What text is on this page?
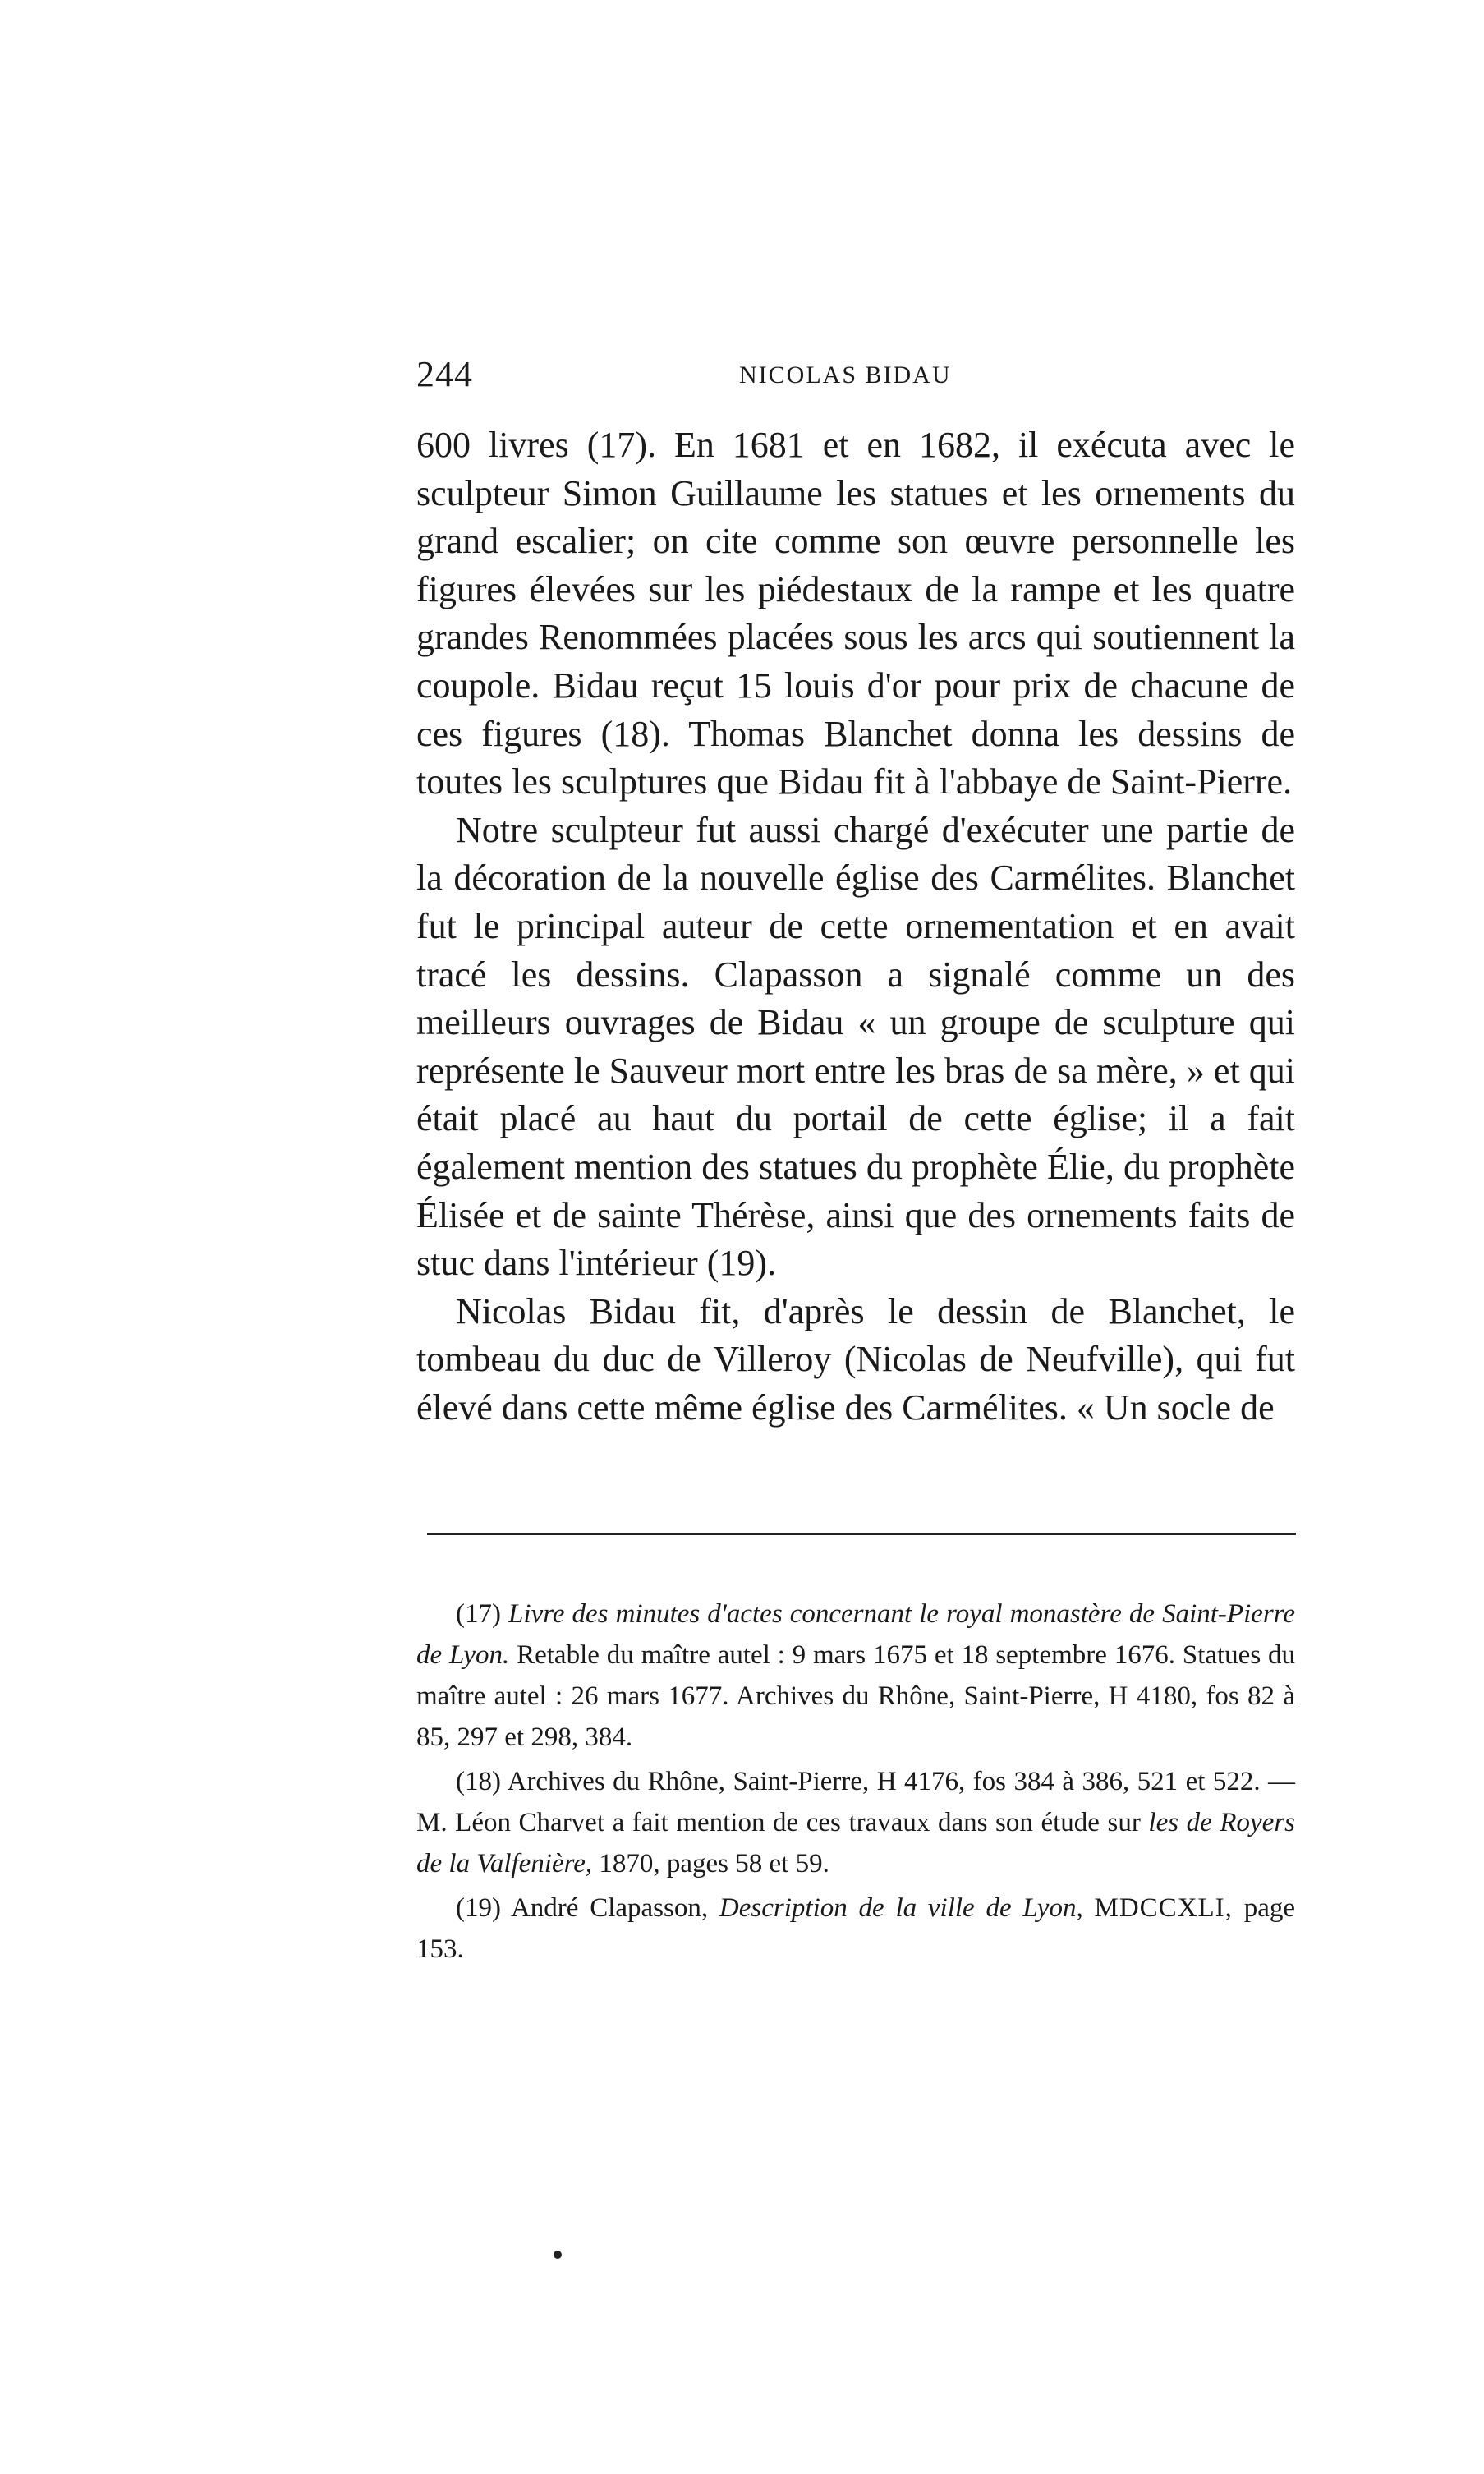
244	NICOLAS BIDAU

600 livres (17). En 1681 et en 1682, il exécuta avec le sculpteur Simon Guillaume les statues et les ornements du grand escalier; on cite comme son œuvre personnelle les figures élevées sur les piédestaux de la rampe et les quatre grandes Renommées placées sous les arcs qui soutiennent la coupole. Bidau reçut 15 louis d'or pour prix de chacune de ces figures (18). Thomas Blanchet donna les dessins de toutes les sculptures que Bidau fit à l'abbaye de Saint-Pierre.

Notre sculpteur fut aussi chargé d'exécuter une partie de la décoration de la nouvelle église des Carmélites. Blanchet fut le principal auteur de cette ornementation et en avait tracé les dessins. Clapasson a signalé comme un des meilleurs ouvrages de Bidau « un groupe de sculpture qui représente le Sauveur mort entre les bras de sa mère, » et qui était placé au haut du portail de cette église; il a fait également mention des statues du prophète Élie, du prophète Élisée et de sainte Thérèse, ainsi que des ornements faits de stuc dans l'intérieur (19).

Nicolas Bidau fit, d'après le dessin de Blanchet, le tombeau du duc de Villeroy (Nicolas de Neufville), qui fut élevé dans cette même église des Carmélites. « Un socle de

(17) Livre des minutes d'actes concernant le royal monastère de Saint-Pierre de Lyon. Retable du maître autel : 9 mars 1675 et 18 septembre 1676. Statues du maître autel : 26 mars 1677. Archives du Rhône, Saint-Pierre, H 4180, fos 82 à 85, 297 et 298, 384.

(18) Archives du Rhône, Saint-Pierre, H 4176, fos 384 à 386, 521 et 522. — M. Léon Charvet a fait mention de ces travaux dans son étude sur les de Royers de la Valfenière, 1870, pages 58 et 59.

(19) André Clapasson, Description de la ville de Lyon, MDCCXLI, page 153.
